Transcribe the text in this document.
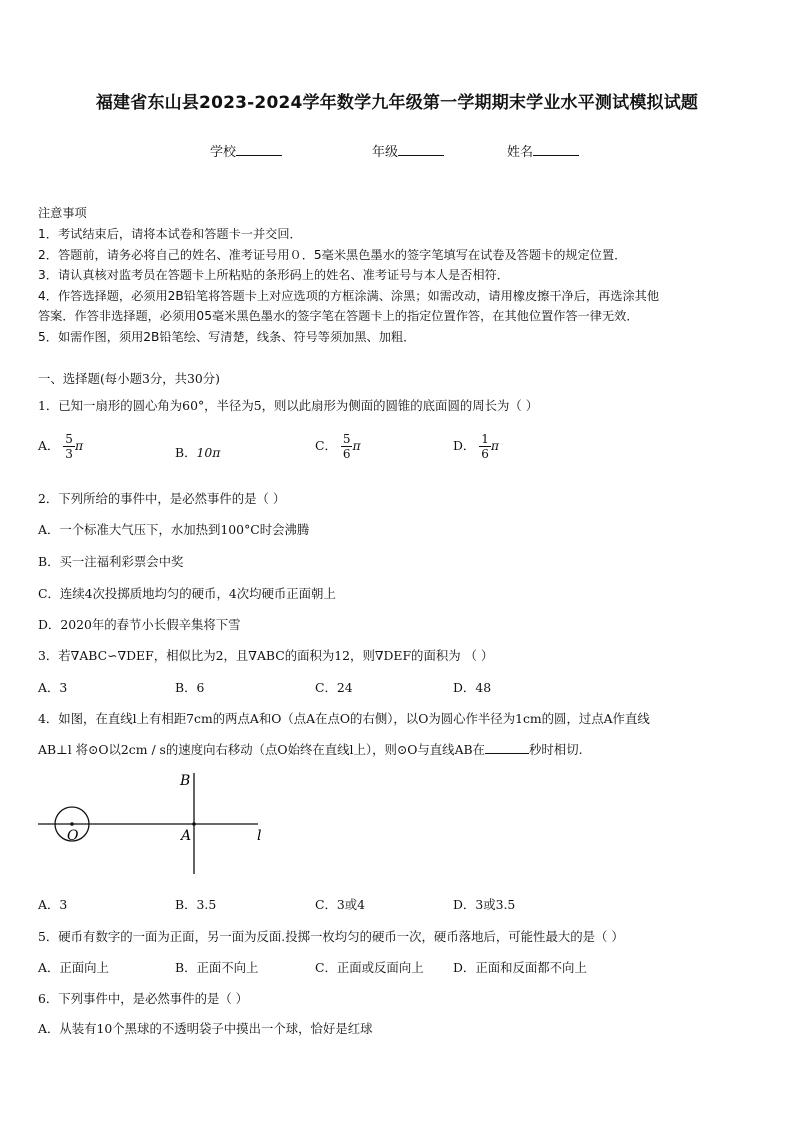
福建省东山县2023-2024学年数学九年级第一学期期末学业水平测试模拟试题
学校	年级	姓名
注意事项
1．考试结束后，请将本试卷和答题卡一并交回．
2．答题前，请务必将自己的姓名、准考证号用０．5毫米黑色墨水的签字笔填写在试卷及答题卡的规定位置．
3．请认真核对监考员在答题卡上所粘贴的条形码上的姓名、准考证号与本人是否相符．
4．作答选择题，必须用2B铅笔将答题卡上对应选项的方框涂满、涂黑；如需改动，请用橡皮擦干净后，再选涂其他
答案．作答非选择题，必须用05毫米黑色墨水的签字笔在答题卡上的指定位置作答，在其他位置作答一律无效．
5．如需作图，须用2B铅笔绘、写清楚，线条、符号等须加黑、加粗．
一、选择题(每小题3分，共30分)
1．已知一扇形的圆心角为60°，半径为5，则以此扇形为侧面的圆锥的底面圆的周长为（ ）
A． $\frac{5}{3}$ π	B．10π	C． $\frac{5}{6}$ π	D． $\frac{1}{6}$ π
2．下列所给的事件中，是必然事件的是（ ）
A．一个标准大气压下，水加热到100°C时会沸腾
B．买一注福利彩票会中奖
C．连续4次投掷质地均匀的硬币，4次均硬币正面朝上
D．2020年的春节小长假辛集将下雪
3．若∇ABC∽∇DEF，相似比为2，且∇ABC的面积为12，则∇DEF的面积为 （ ）
A．3	B．6	C．24	D．48
4．如图，在直线l上有相距7cm的两点A和O（点A在点O的右侧），以O为圆心作半径为1cm的圆，过点A作直线
AB⊥l 将⊙O以2cm / s的速度向右移动（点O始终在直线l上），则⊙O与直线AB在	秒时相切.
B
A
O	l
A．3	B．3.5	C．3或4	D．3或3.5
5．硬币有数字的一面为正面，另一面为反面.投掷一枚均匀的硬币一次，硬币落地后，可能性最大的是（ ）
A．正面向上	B．正面不向上	C．正面或反面向上 D．正面和反面都不向上
6．下列事件中，是必然事件的是（ ）
A．从装有10个黑球的不透明袋子中摸出一个球，恰好是红球
